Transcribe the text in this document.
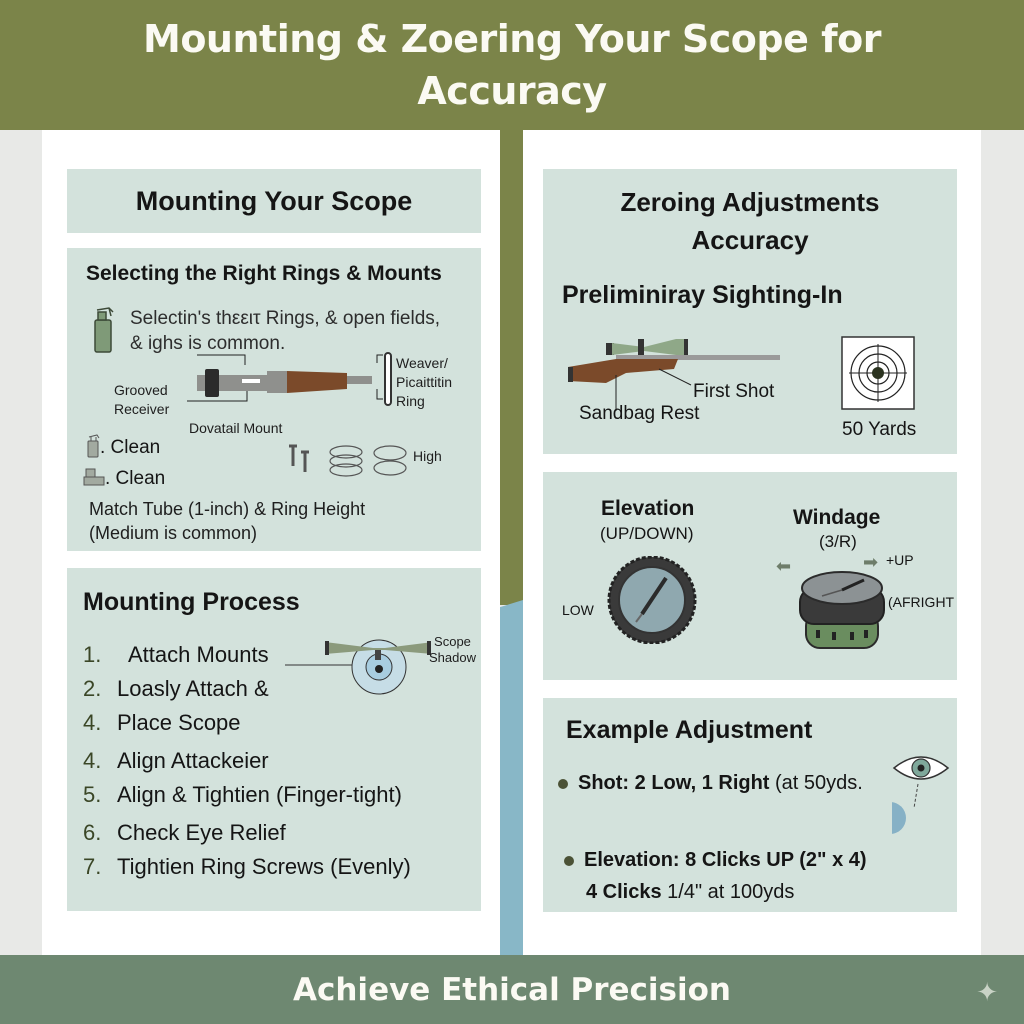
Mounting & Zoering Your Scope for Accuracy
Mounting Your Scope
Selecting the Right Rings & Mounts
Selectin's thεειτ Rings, & open fields,
& ighs is common.
Grooved
Receiver
Dovatail Mount
Weaver/
Picaittitin
Ring
. Clean
. Clean
High
Match Tube (1-inch) & Ring Height
(Medium is common)
Mounting Process
1.  Attach Mounts
2. Loasly Attach &
4. Place Scope
4. Align Attackeier
5. Align & Tightien (Finger-tight)
6. Check Eye Relief
7. Tightien Ring Screws (Evenly)
Scope
Shadow
Zeroing Adjustments
Accuracy
Preliminiray Sighting-In
First Shot
Sandbag Rest
50 Yards
Elevation
(UP/DOWN)
LOW
Windage
(3/R)
⬅	➡ +UP
(AFRIGHT
Example Adjustment
Shot: 2 Low, 1 Right (at 50yds.
Elevation: 8 Clicks UP (2" x 4)
4 Clicks 1/4" at 100yds
Achieve Ethical Precision	✦
